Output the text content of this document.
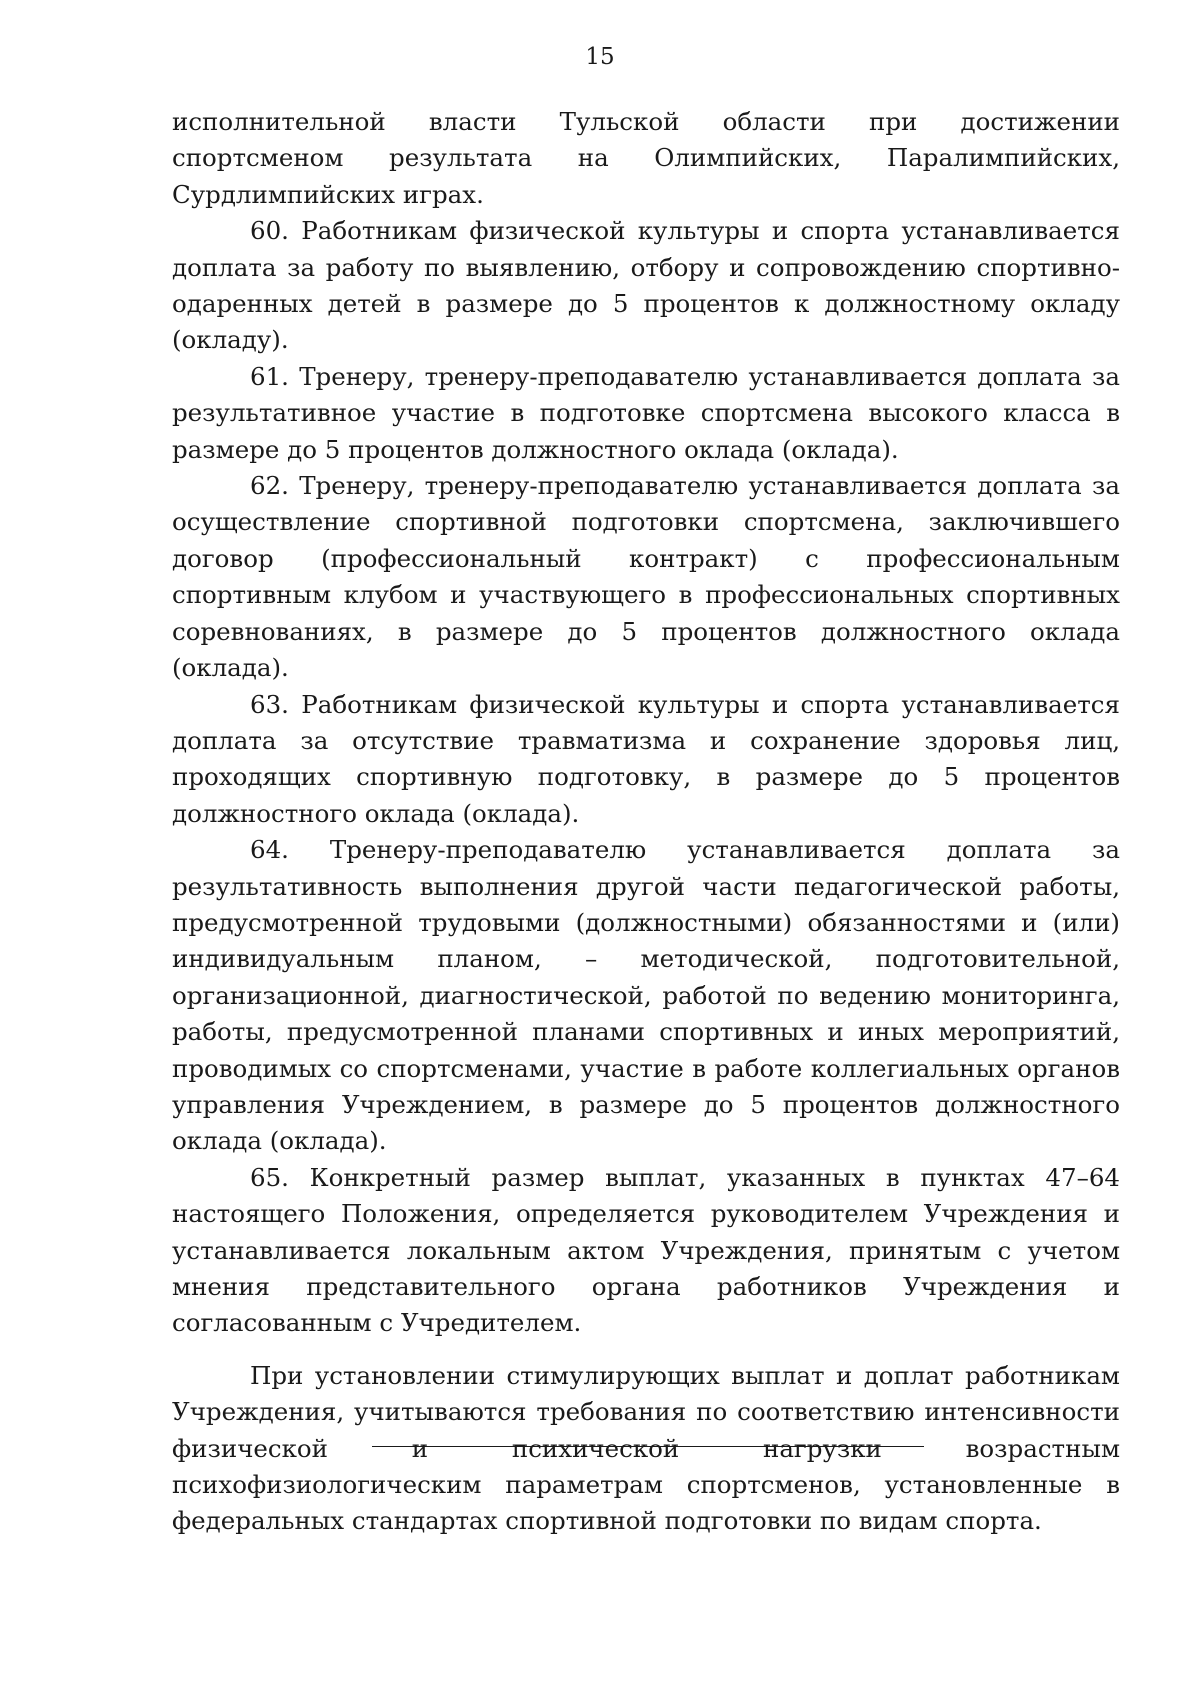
15

исполнительной власти Тульской области при достижении спортсменом результата на Олимпийских, Паралимпийских, Сурдлимпийских играх.

60. Работникам физической культуры и спорта устанавливается доплата за работу по выявлению, отбору и сопровождению спортивно-одаренных детей в размере до 5 процентов к должностному окладу (окладу).

61. Тренеру, тренеру-преподавателю устанавливается доплата за результативное участие в подготовке спортсмена высокого класса в размере до 5 процентов должностного оклада (оклада).

62. Тренеру, тренеру-преподавателю устанавливается доплата за осуществление спортивной подготовки спортсмена, заключившего договор (профессиональный контракт) с профессиональным спортивным клубом и участвующего в профессиональных спортивных соревнованиях, в размере до 5 процентов должностного оклада (оклада).

63. Работникам физической культуры и спорта устанавливается доплата за отсутствие травматизма и сохранение здоровья лиц, проходящих спортивную подготовку, в размере до 5 процентов должностного оклада (оклада).

64. Тренеру-преподавателю устанавливается доплата за результативность выполнения другой части педагогической работы, предусмотренной трудовыми (должностными) обязанностями и (или) индивидуальным планом, – методической, подготовительной, организационной, диагностической, работой по ведению мониторинга, работы, предусмотренной планами спортивных и иных мероприятий, проводимых со спортсменами, участие в работе коллегиальных органов управления Учреждением, в размере до 5 процентов должностного оклада (оклада).

65. Конкретный размер выплат, указанных в пунктах 47–64 настоящего Положения, определяется руководителем Учреждения и устанавливается локальным актом Учреждения, принятым с учетом мнения представительного органа работников Учреждения и согласованным с Учредителем.

При установлении стимулирующих выплат и доплат работникам Учреждения, учитываются требования по соответствию интенсивности физической и психической нагрузки возрастным психофизиологическим параметрам спортсменов, установленные в федеральных стандартах спортивной подготовки по видам спорта.
